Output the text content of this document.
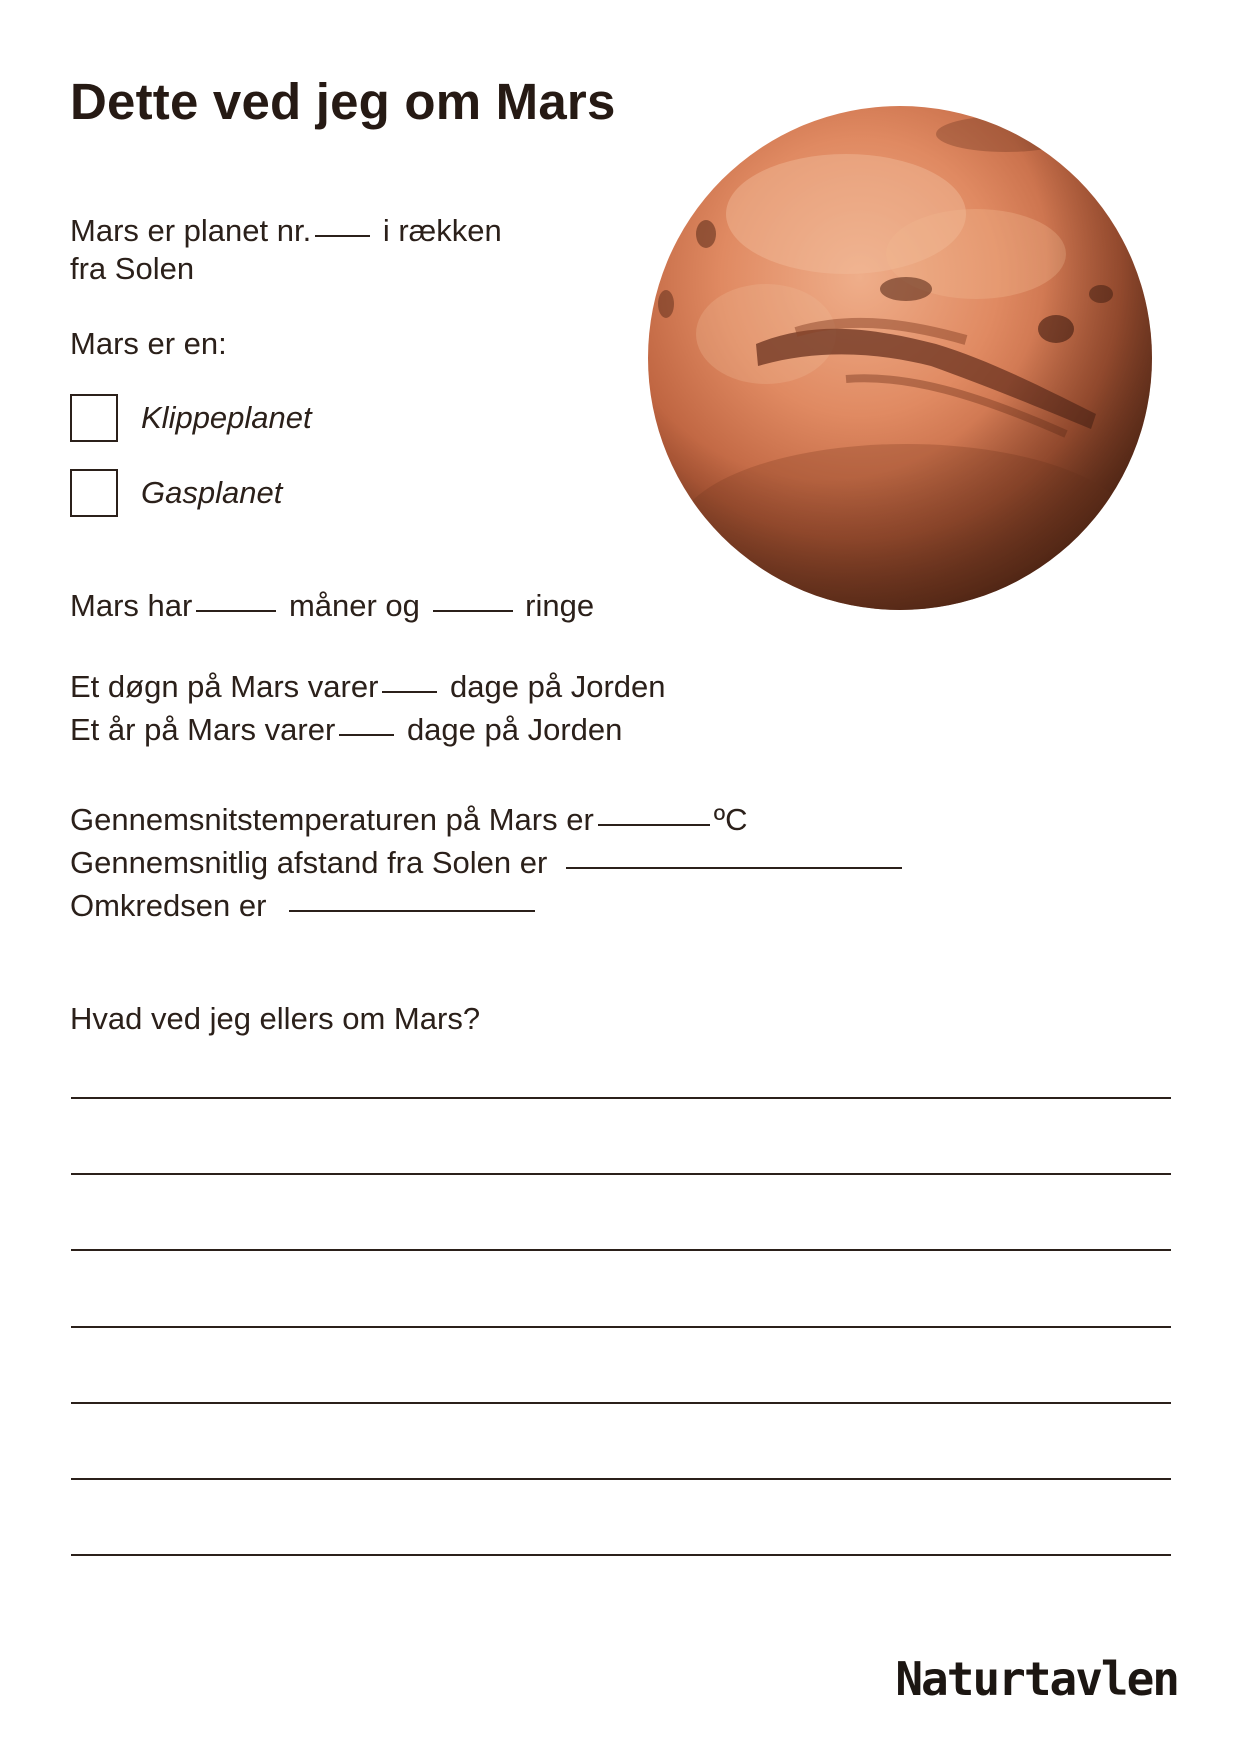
Dette ved jeg om Mars
Mars er planet nr. i rækken
fra Solen
Mars er en:
Klippeplanet
Gasplanet
Mars har	måner og	ringe
Et døgn på Mars varer dage på Jorden
Et år på Mars varer dage på Jorden
Gennemsnitstemperaturen på Mars er	ºC
Gennemsnitlig afstand fra Solen er
Omkredsen er
Hvad ved jeg ellers om Mars?
Naturtavlen
